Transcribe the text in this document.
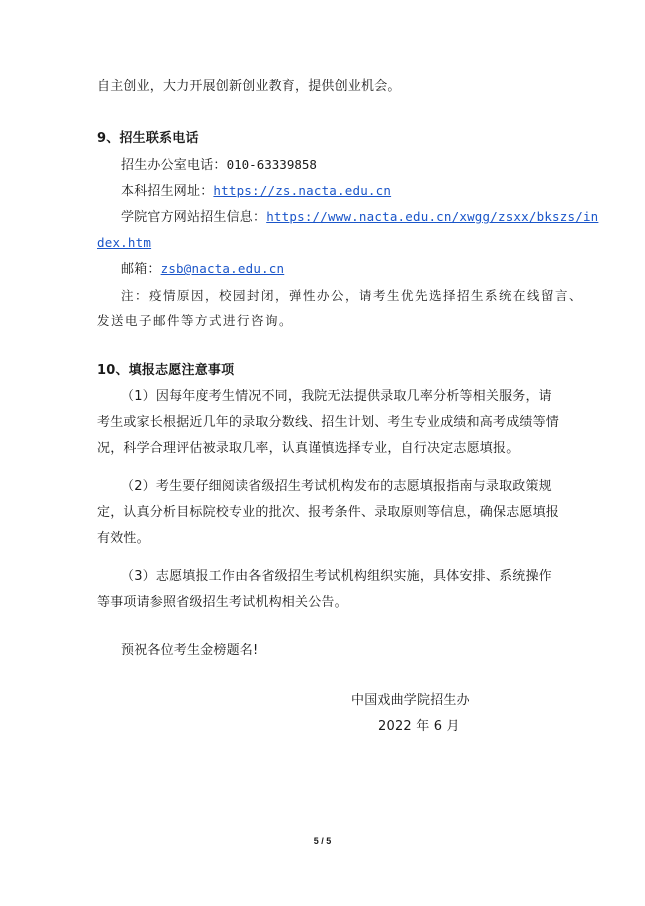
自主创业，大力开展创新创业教育，提供创业机会。
9、招生联系电话
招生办公室电话：010-63339858
本科招生网址：https://zs.nacta.edu.cn
学院官方网站招生信息：https://www.nacta.edu.cn/xwgg/zsxx/bkszs/in
dex.htm
邮箱：zsb@nacta.edu.cn
注：疫情原因，校园封闭，弹性办公，请考生优先选择招生系统在线留言、
发送电子邮件等方式进行咨询。
10、填报志愿注意事项
（1）因每年度考生情况不同，我院无法提供录取几率分析等相关服务，请
考生或家长根据近几年的录取分数线、招生计划、考生专业成绩和高考成绩等情
况，科学合理评估被录取几率，认真谨慎选择专业，自行决定志愿填报。
（2）考生要仔细阅读省级招生考试机构发布的志愿填报指南与录取政策规
定，认真分析目标院校专业的批次、报考条件、录取原则等信息，确保志愿填报
有效性。
（3）志愿填报工作由各省级招生考试机构组织实施，具体安排、系统操作
等事项请参照省级招生考试机构相关公告。
预祝各位考生金榜题名!
中国戏曲学院招生办
2022 年 6 月
5 / 5
